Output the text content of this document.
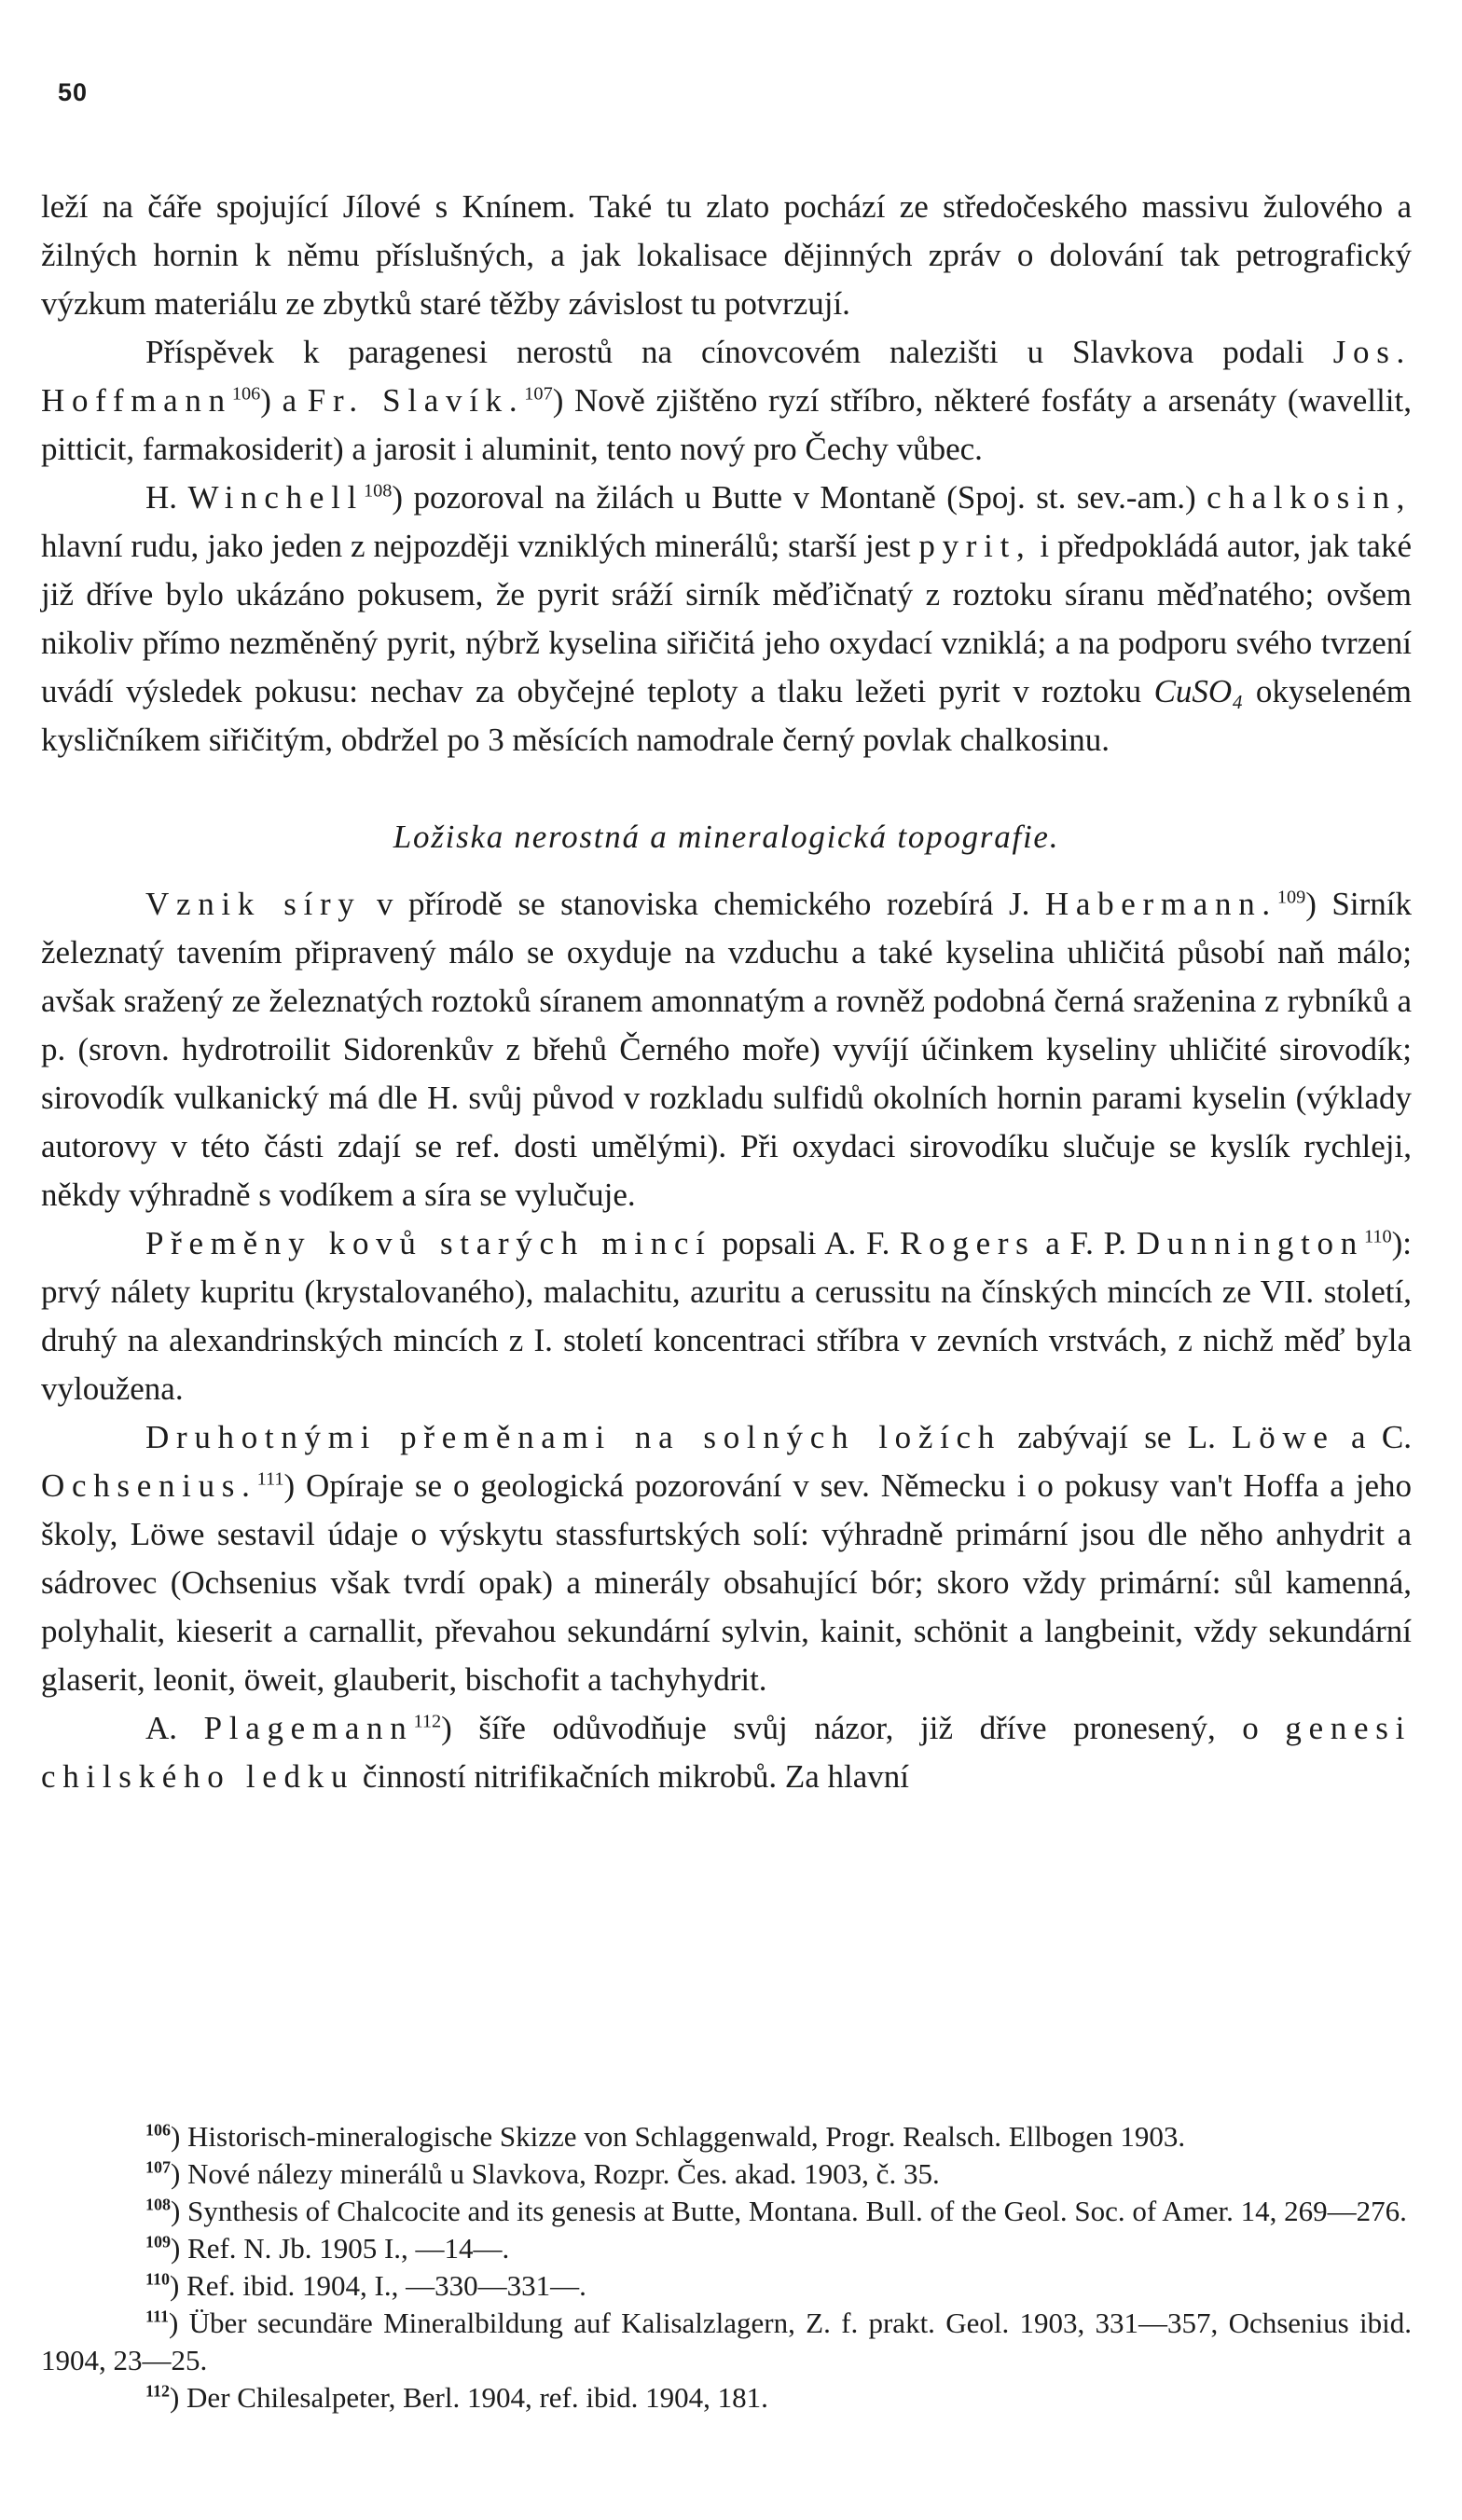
50

leží na čáře spojující Jílové s Knínem. Také tu zlato pochází ze středočeského massivu žulového a žilných hornin k němu příslušných, a jak lokalisace dějinných zpráv o dolování tak petrografický výzkum materiálu ze zbytků staré těžby závislost tu potvrzují.

Příspěvek k paragenesi nerostů na cínovcovém nalezišti u Slavkova podali Jos. Hoffmann$^{106}$) a Fr. Slavík.$^{107}$) Nově zjištěno ryzí stříbro, některé fosfáty a arsenáty (wavellit, pitticit, farmakosiderit) a jarosit i aluminit, tento nový pro Čechy vůbec.

H. Winchell$^{108}$) pozoroval na žilách u Butte v Montaně (Spoj. st. sev.-am.) chalkosin, hlavní rudu, jako jeden z nejpozději vzniklých minerálů; starší jest pyrit, i předpokládá autor, jak také již dříve bylo ukázáno pokusem, že pyrit sráží sirník měďičnatý z roztoku síranu měďnatého; ovšem nikoliv přímo nezměněný pyrit, nýbrž kyselina siřičitá jeho oxydací vzniklá; a na podporu svého tvrzení uvádí výsledek pokusu: nechav za obyčejné teploty a tlaku ležeti pyrit v roztoku CuSO₄ okyseleném kysličníkem siřičitým, obdržel po 3 měsících namodrale černý povlak chalkosinu.

Ložiska nerostná a mineralogická topografie.

Vznik síry v přírodě se stanoviska chemického rozebírá J. Habermann.$^{109}$) Sirník železnatý tavením připravený málo se oxyduje na vzduchu a také kyselina uhličitá působí naň málo; avšak sražený ze železnatých roztoků síranem amonnatým a rovněž podobná černá sraženina z rybníků a p. (srovn. hydrotroilit Sidorenkův z břehů Černého moře) vyvíjí účinkem kyseliny uhličité sirovodík; sirovodík vulkanický má dle H. svůj původ v rozkladu sulfidů okolních hornin parami kyselin (výklady autorovy v této části zdají se ref. dosti umělými). Při oxydaci sirovodíku slučuje se kyslík rychleji, někdy výhradně s vodíkem a síra se vylučuje.

Přeměny kovů starých mincí popsali A. F. Rogers a F. P. Dunnington$^{110}$): prvý nálety kupritu (krystalovaného), malachitu, azuritu a cerussitu na čínských mincích ze VII. století, druhý na alexandrinských mincích z I. století koncentraci stříbra v zevních vrstvách, z nichž měď byla vyloužena.

Druhotnými přeměnami na solných ložích zabývají se L. Löwe a C. Ochsenius.$^{111}$) Opíraje se o geologická pozorování v sev. Německu i o pokusy van't Hoffa a jeho školy, Löwe sestavil údaje o výskytu stassfurtských solí: výhradně primární jsou dle něho anhydrit a sádrovec (Ochsenius však tvrdí opak) a minerály obsahující bór; skoro vždy primární: sůl kamenná, polyhalit, kieserit a carnallit, převahou sekundární sylvin, kainit, schönit a langbeinit, vždy sekundární glaserit, leonit, öweit, glauberit, bischofit a tachyhydrit.

A. Plagemann$^{112}$) šíře odůvodňuje svůj názor, již dříve pronesený, o genesi chilského ledku činností nitrifikačních mikrobů. Za hlavní

$^{106}$) Historisch-mineralogische Skizze von Schlaggenwald, Progr. Realsch. Ellbogen 1903.

$^{107}$) Nové nálezy minerálů u Slavkova, Rozpr. Čes. akad. 1903, č. 35.

$^{108}$) Synthesis of Chalcocite and its genesis at Butte, Montana. Bull. of the Geol. Soc. of Amer. 14, 269—276.

$^{109}$) Ref. N. Jb. 1905 I., —14—.

$^{110}$) Ref. ibid. 1904, I., —330—331—.

$^{111}$) Über secundäre Mineralbildung auf Kalisalzlagern, Z. f. prakt. Geol. 1903, 331—357, Ochsenius ibid. 1904, 23—25.

$^{112}$) Der Chilesalpeter, Berl. 1904, ref. ibid. 1904, 181.
